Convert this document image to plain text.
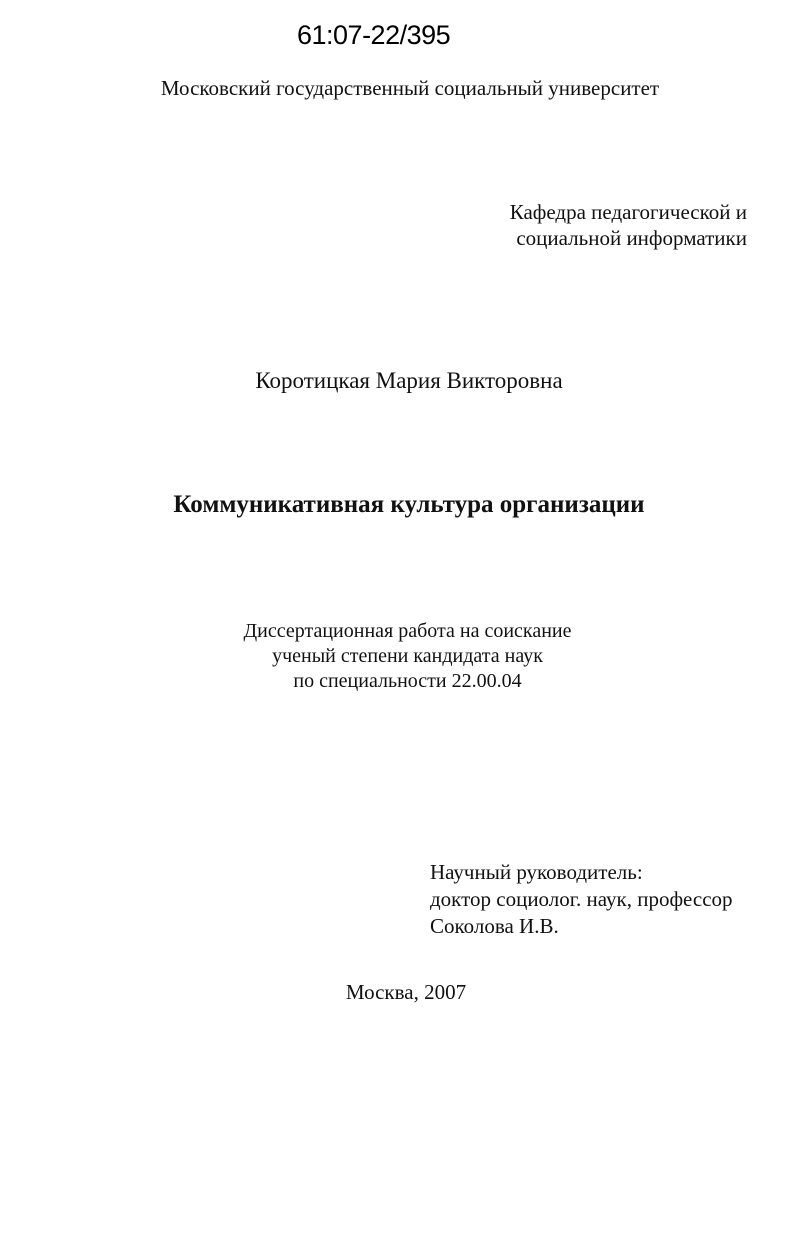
61:07-22/395
Московский государственный социальный университет
Кафедра педагогической и
социальной информатики
Коротицкая Мария Викторовна
Коммуникативная культура организации
Диссертационная работа на соискание
ученый степени кандидата наук
по специальности 22.00.04
Научный руководитель:
доктор социолог. наук, профессор
Соколова И.В.
Москва, 2007
